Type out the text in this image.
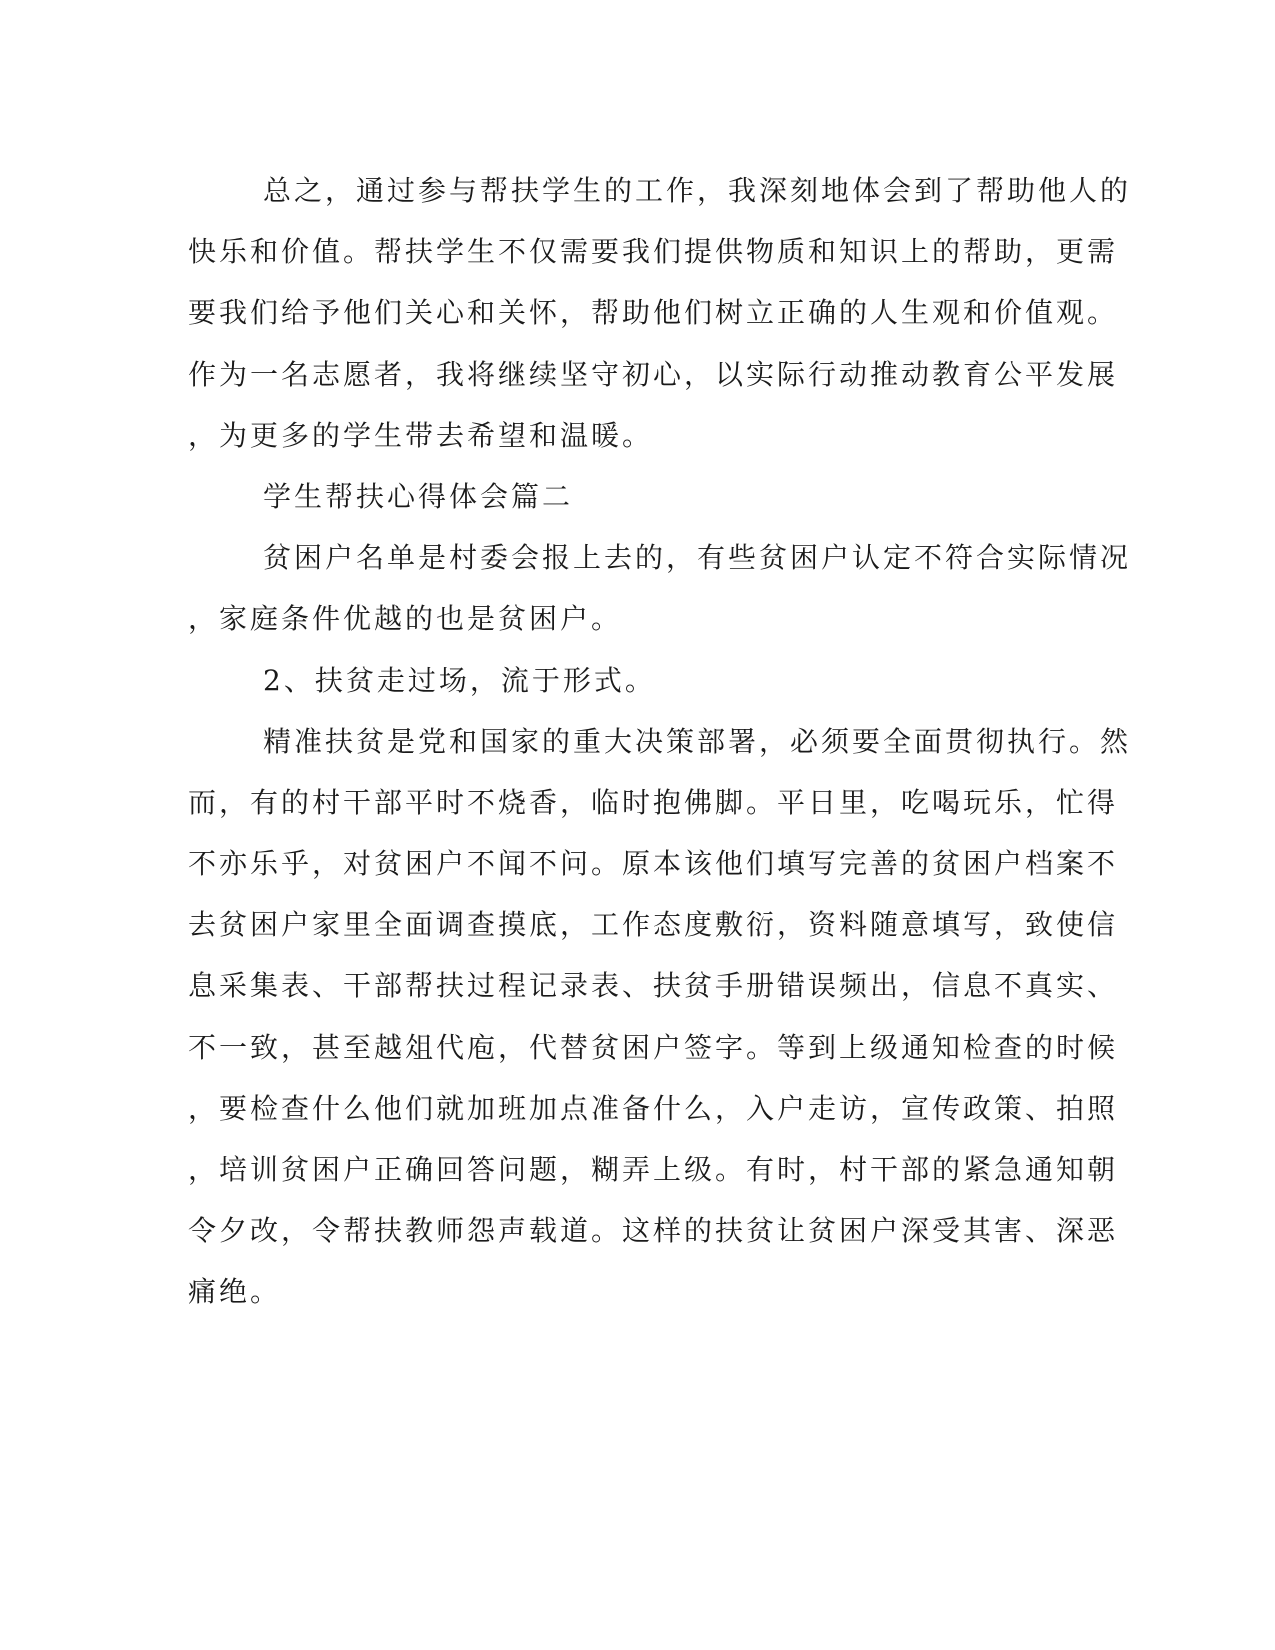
总之，通过参与帮扶学生的工作，我深刻地体会到了帮助他人的
快乐和价值。帮扶学生不仅需要我们提供物质和知识上的帮助，更需
要我们给予他们关心和关怀，帮助他们树立正确的人生观和价值观。
作为一名志愿者，我将继续坚守初心，以实际行动推动教育公平发展
，为更多的学生带去希望和温暖。
学生帮扶心得体会篇二
贫困户名单是村委会报上去的，有些贫困户认定不符合实际情况
，家庭条件优越的也是贫困户。
2、扶贫走过场，流于形式。
精准扶贫是党和国家的重大决策部署，必须要全面贯彻执行。然
而，有的村干部平时不烧香，临时抱佛脚。平日里，吃喝玩乐，忙得
不亦乐乎，对贫困户不闻不问。原本该他们填写完善的贫困户档案不
去贫困户家里全面调查摸底，工作态度敷衍，资料随意填写，致使信
息采集表、干部帮扶过程记录表、扶贫手册错误频出，信息不真实、
不一致，甚至越俎代庖，代替贫困户签字。等到上级通知检查的时候
，要检查什么他们就加班加点准备什么，入户走访，宣传政策、拍照
，培训贫困户正确回答问题，糊弄上级。有时，村干部的紧急通知朝
令夕改，令帮扶教师怨声载道。这样的扶贫让贫困户深受其害、深恶
痛绝。
